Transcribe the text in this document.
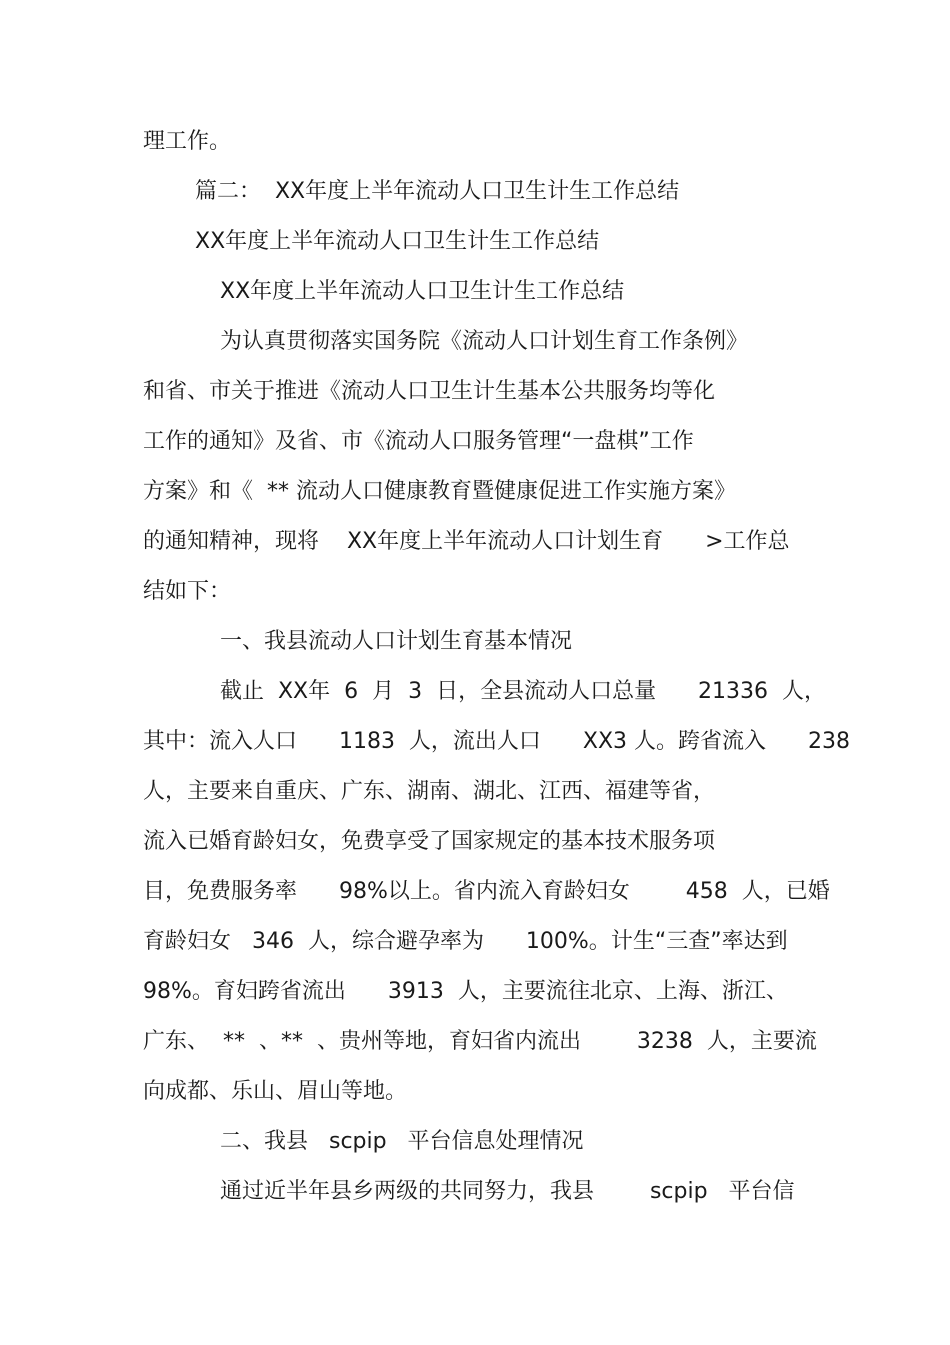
理工作。
篇二：  XX年度上半年流动人口卫生计生工作总结
XX年度上半年流动人口卫生计生工作总结
XX年度上半年流动人口卫生计生工作总结
为认真贯彻落实国务院《流动人口计划生育工作条例》
和省、市关于推进《流动人口卫生计生基本公共服务均等化
工作的通知》及省、市《流动人口服务管理“一盘棋”工作
方案》和《  ** 流动人口健康教育暨健康促进工作实施方案》
的通知精神，现将    XX年度上半年流动人口计划生育      >工作总
结如下：
一、我县流动人口计划生育基本情况
截止  XX年  6  月  3  日，全县流动人口总量      21336  人，
其中：流入人口      1183  人，流出人口      XX3 人。跨省流入      238
人，主要来自重庆、广东、湖南、湖北、江西、福建等省，
流入已婚育龄妇女，免费享受了国家规定的基本技术服务项
目，免费服务率      98%以上。省内流入育龄妇女        458  人，已婚
育龄妇女   346  人，综合避孕率为      100%。计生“三查”率达到
98%。育妇跨省流出      3913  人，主要流往北京、上海、浙江、
广东、  **  、**  、贵州等地，育妇省内流出        3238  人，主要流
向成都、乐山、眉山等地。
二、我县   scpip   平台信息处理情况
通过近半年县乡两级的共同努力，我县        scpip   平台信
